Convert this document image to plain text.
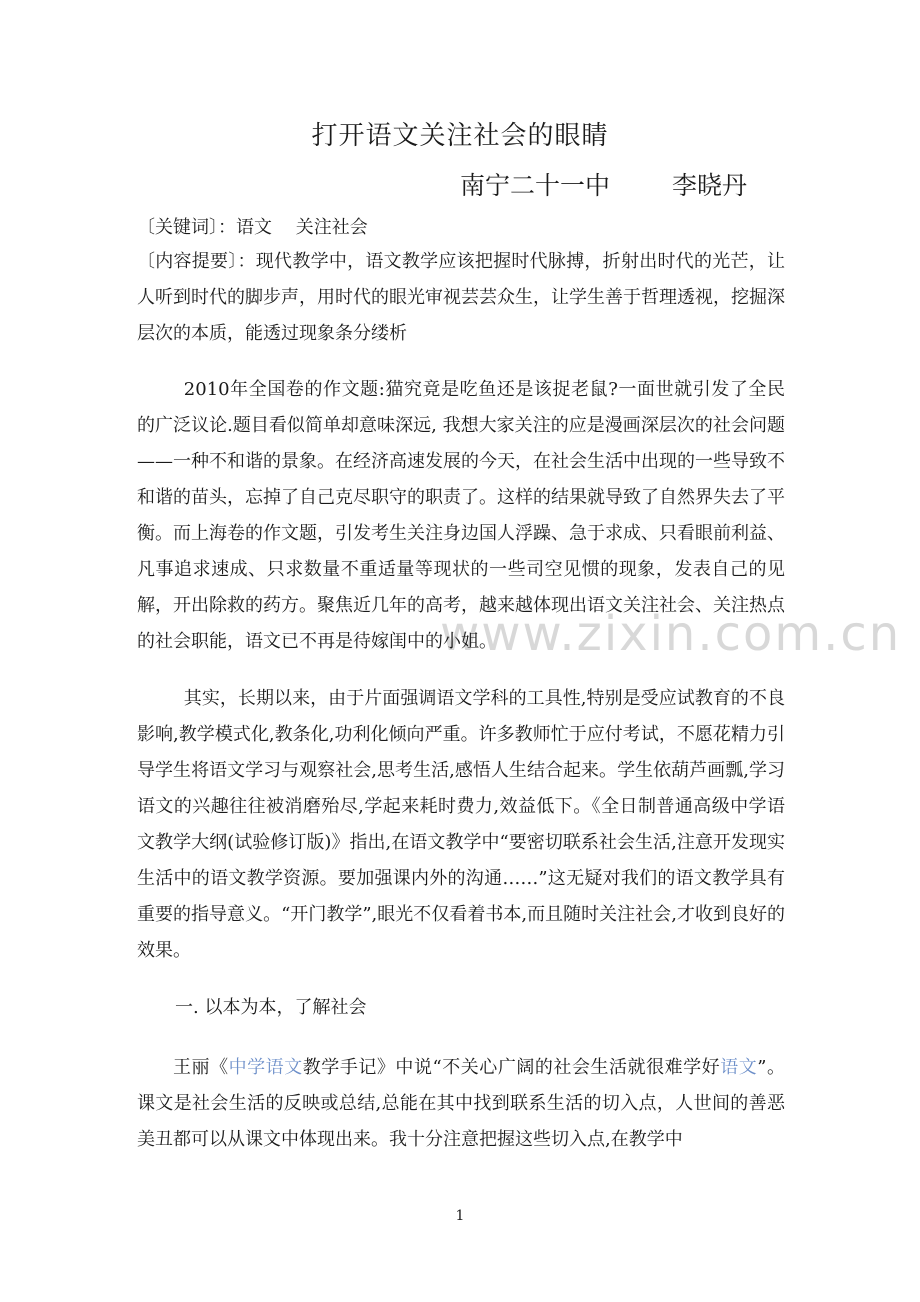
www.zixin.com.cn
打开语文关注社会的眼睛
南宁二十一中 李晓丹
〔关键词〕：语文　 关注社会
〔内容提要〕：现代教学中，语文教学应该把握时代脉搏，折射出时代的光芒，让人听到时代的脚步声，用时代的眼光审视芸芸众生，让学生善于哲理透视，挖掘深层次的本质，能透过现象条分缕析
2010年全国卷的作文题:猫究竟是吃鱼还是该捉老鼠?一面世就引发了全民的广泛议论.题目看似简单却意味深远, 我想大家关注的应是漫画深层次的社会问题——一种不和谐的景象。在经济高速发展的今天，在社会生活中出现的一些导致不和谐的苗头，忘掉了自己克尽职守的职责了。这样的结果就导致了自然界失去了平衡。而上海卷的作文题，引发考生关注身边国人浮躁、急于求成、只看眼前利益、凡事追求速成、只求数量不重适量等现状的一些司空见惯的现象，发表自己的见解，开出除救的药方。聚焦近几年的高考，越来越体现出语文关注社会、关注热点的社会职能，语文已不再是待嫁闺中的小姐。
其实，长期以来，由于片面强调语文学科的工具性,特别是受应试教育的不良影响,教学模式化,教条化,功利化倾向严重。许多教师忙于应付考试，不愿花精力引导学生将语文学习与观察社会,思考生活,感悟人生结合起来。学生依葫芦画瓢,学习语文的兴趣往往被消磨殆尽,学起来耗时费力,效益低下。《全日制普通高级中学语文教学大纲(试验修订版)》指出,在语文教学中“要密切联系社会生活,注意开发现实生活中的语文教学资源。要加强课内外的沟通……”这无疑对我们的语文教学具有重要的指导意义。“开门教学”,眼光不仅看着书本,而且随时关注社会,才收到良好的效果。
一. 以本为本，了解社会
王丽《中学语文教学手记》中说“不关心广阔的社会生活就很难学好语文”。课文是社会生活的反映或总结,总能在其中找到联系生活的切入点，人世间的善恶美丑都可以从课文中体现出来。我十分注意把握这些切入点,在教学中
1
